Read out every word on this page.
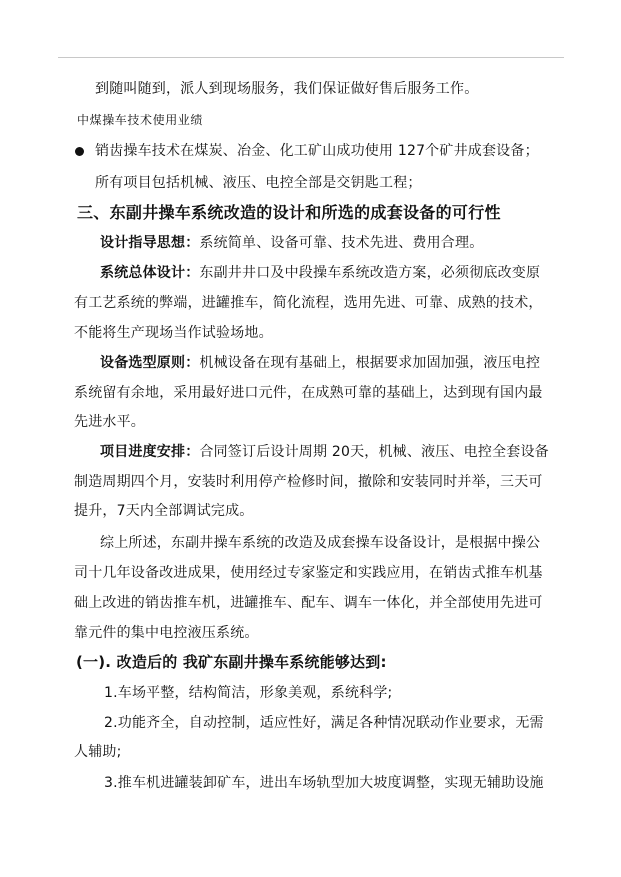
到随叫随到，派人到现场服务，我们保证做好售后服务工作。
中煤操车技术使用业绩
销齿操车技术在煤炭、冶金、化工矿山成功使用 127个矿井成套设备；
所有项目包括机械、液压、电控全部是交钥匙工程；
三、东副井操车系统改造的设计和所选的成套设备的可行性
设计指导思想：系统简单、设备可靠、技术先进、费用合理。
系统总体设计：东副井井口及中段操车系统改造方案，必须彻底改变原
有工艺系统的弊端，进罐推车，简化流程，选用先进、可靠、成熟的技术，
不能将生产现场当作试验场地。
设备选型原则：机械设备在现有基础上，根据要求加固加强，液压电控
系统留有余地，采用最好进口元件，在成熟可靠的基础上，达到现有国内最
先进水平。
项目进度安排：合同签订后设计周期 20天，机械、液压、电控全套设备
制造周期四个月，安装时利用停产检修时间，撤除和安装同时并举，三天可
提升，7天内全部调试完成。
综上所述，东副井操车系统的改造及成套操车设备设计，是根据中操公
司十几年设备改进成果，使用经过专家鉴定和实践应用，在销齿式推车机基
础上改进的销齿推车机，进罐推车、配车、调车一体化，并全部使用先进可
靠元件的集中电控液压系统。
(一). 改造后的 我矿东副井操车系统能够达到:
1.车场平整，结构简洁，形象美观，系统科学;
2.功能齐全，自动控制，适应性好，满足各种情况联动作业要求，无需
人辅助;
3.推车机进罐装卸矿车，进出车场轨型加大坡度调整，实现无辅助设施
